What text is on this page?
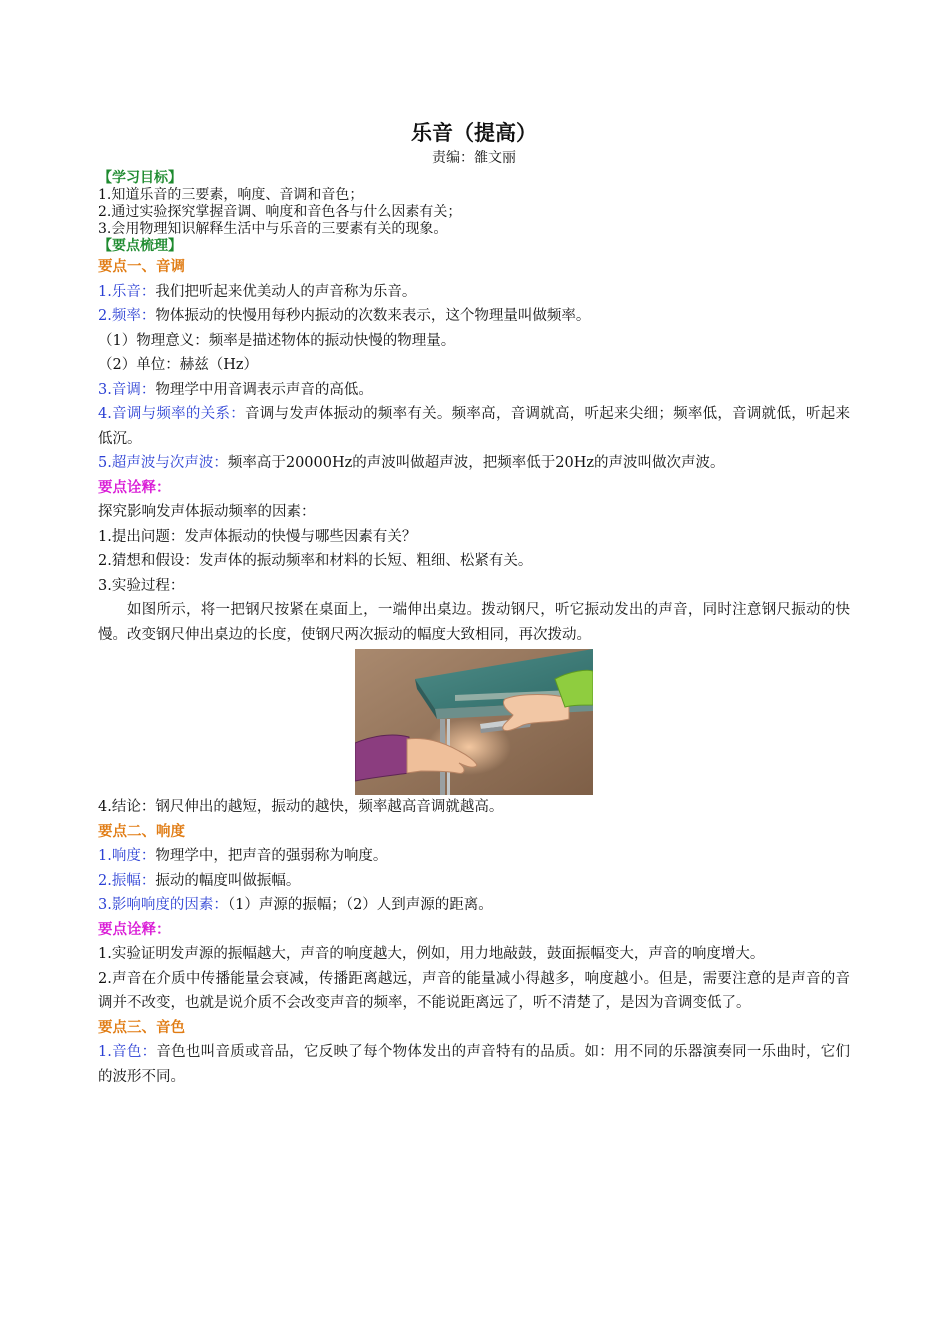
乐音（提高）

责编：雒文丽

【学习目标】

1.知道乐音的三要素，响度、音调和音色；

2.通过实验探究掌握音调、响度和音色各与什么因素有关；

3.会用物理知识解释生活中与乐音的三要素有关的现象。

【要点梳理】

要点一、音调

1.乐音：我们把听起来优美动人的声音称为乐音。

2.频率：物体振动的快慢用每秒内振动的次数来表示，这个物理量叫做频率。

（1）物理意义：频率是描述物体的振动快慢的物理量。

（2）单位：赫兹（Hz）

3.音调：物理学中用音调表示声音的高低。

4.音调与频率的关系：音调与发声体振动的频率有关。频率高，音调就高，听起来尖细；频率低，音调就低，听起来低沉。

5.超声波与次声波：频率高于20000Hz的声波叫做超声波，把频率低于20Hz的声波叫做次声波。

要点诠释：

探究影响发声体振动频率的因素：

1.提出问题：发声体振动的快慢与哪些因素有关？

2.猜想和假设：发声体的振动频率和材料的长短、粗细、松紧有关。

3.实验过程：

如图所示，将一把钢尺按紧在桌面上，一端伸出桌边。拨动钢尺，听它振动发出的声音，同时注意钢尺振动的快慢。改变钢尺伸出桌边的长度，使钢尺两次振动的幅度大致相同，再次拨动。

4.结论：钢尺伸出的越短，振动的越快，频率越高音调就越高。

要点二、响度

1.响度：物理学中，把声音的强弱称为响度。

2.振幅：振动的幅度叫做振幅。

3.影响响度的因素：（1）声源的振幅；（2）人到声源的距离。

要点诠释：

1.实验证明发声源的振幅越大，声音的响度越大，例如，用力地敲鼓，鼓面振幅变大，声音的响度增大。

2.声音在介质中传播能量会衰减，传播距离越远，声音的能量减小得越多，响度越小。但是，需要注意的是声音的音调并不改变，也就是说介质不会改变声音的频率，不能说距离远了，听不清楚了，是因为音调变低了。

要点三、音色

1.音色：音色也叫音质或音品，它反映了每个物体发出的声音特有的品质。如：用不同的乐器演奏同一乐曲时，它们的波形不同。
